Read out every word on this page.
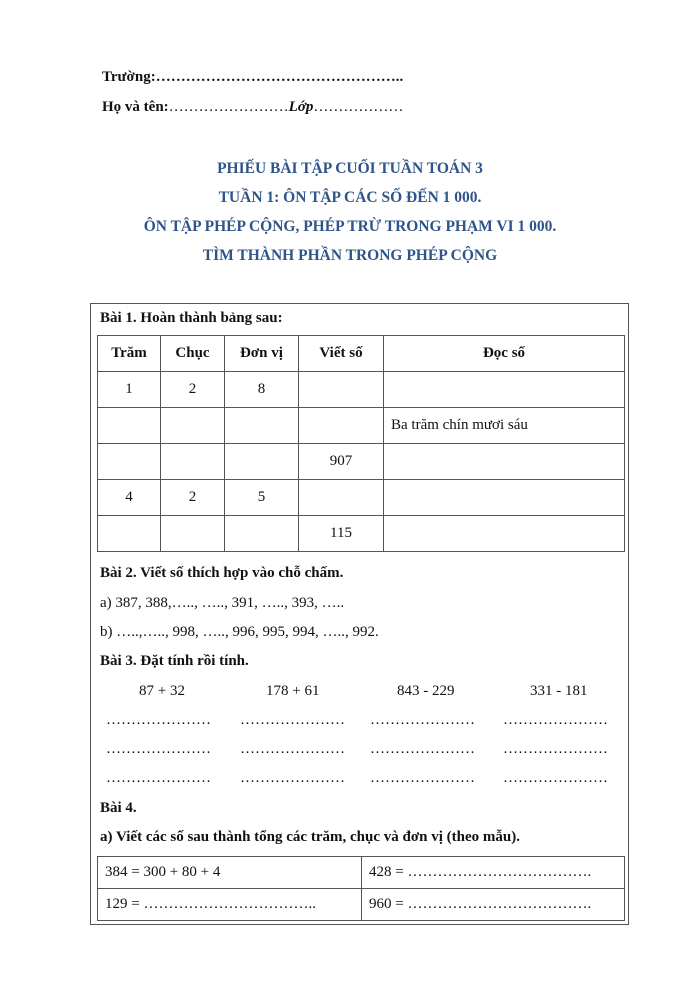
Trường:…………………………………………..
Họ và tên:……………………Lớp………………
PHIẾU BÀI TẬP CUỐI TUẦN TOÁN 3
TUẦN 1: ÔN TẬP CÁC SỐ ĐẾN 1 000.
ÔN TẬP PHÉP CỘNG, PHÉP TRỪ TRONG PHẠM VI 1 000.
TÌM THÀNH PHẦN TRONG PHÉP CỘNG
Bài 1. Hoàn thành bảng sau:
Trăm	Chục	Đơn vị	Viết số	Đọc số
1	2	8		
				Ba trăm chín mươi sáu
			907	
4	2	5		
			115	
Bài 2. Viết số thích hợp vào chỗ chấm.
a) 387, 388,….., ….., 391, ….., 393, …..
b) …..,….., 998, ….., 996, 995, 994, ….., 992.
Bài 3. Đặt tính rồi tính.
87 + 32	178 + 61	843 - 229	331 - 181
………………… ………………… ………………… …………………
………………… ………………… ………………… …………………
………………… ………………… ………………… …………………
Bài 4.
a) Viết các số sau thành tổng các trăm, chục và đơn vị (theo mẫu).
384 = 300 + 80 + 4	428 = ……………………………….
129 = ……………………………..	960 = ……………………………….
